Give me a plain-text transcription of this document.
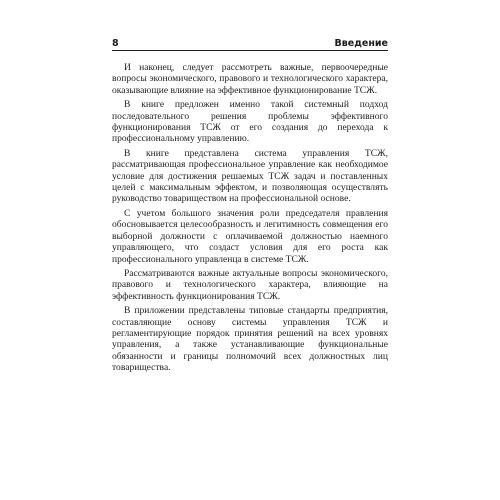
8	Введение

И наконец, следует рассмотреть важные, первоочередные вопросы экономического, правового и технологического характера, оказывающие влияние на эффективное функционирование ТСЖ.

В книге предложен именно такой системный подход последовательного решения проблемы эффективного функционирования ТСЖ от его создания до перехода к профессиональному управлению.

В книге представлена система управления ТСЖ, рассматривающая профессиональное управление как необходимое условие для достижения решаемых ТСЖ задач и поставленных целей с максимальным эффектом, и позволяющая осуществлять руководство товариществом на профессиональной основе.

С учетом большого значения роли председателя правления обосновывается целесообразность и легитимность совмещения его выборной должности с оплачиваемой должностью наемного управляющего, что создаст условия для его роста как профессионального управленца в системе ТСЖ.

Рассматриваются важные актуальные вопросы экономического, правового и технологического характера, влияющие на эффективность функционирования ТСЖ.

В приложении представлены типовые стандарты предприятия, составляющие основу системы управления ТСЖ и регламентирующие порядок принятия решений на всех уровнях управления, а также устанавливающие функциональные обязанности и границы полномочий всех должностных лиц товарищества.
